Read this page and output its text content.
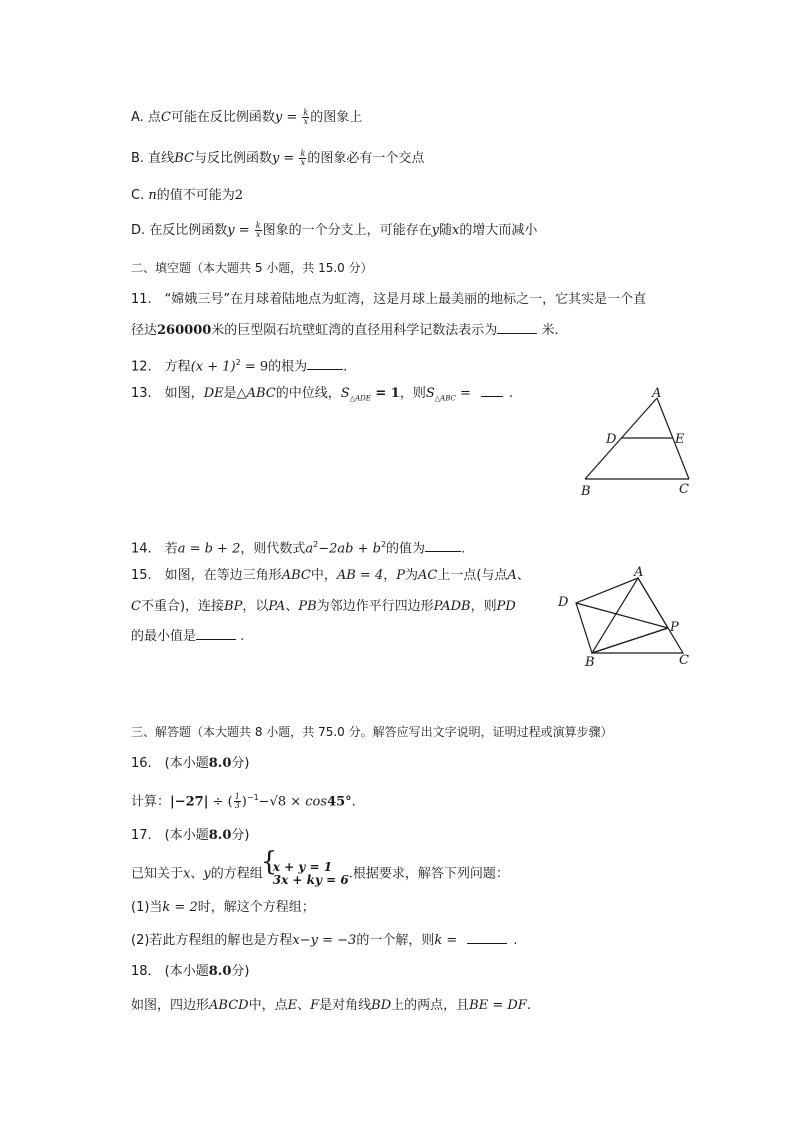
A. 点C可能在反比例函数$y = \frac{k}{x}$ 的图象上
B. 直线BC与反比例函数$y = \frac{k}{x}$ 的图象必有一个交点
C. n的值不可能为2
D. 在反比例函数$y = \frac{k}{x}$ 图象的一个分支上，可能存在y随x的增大而减小
二、填空题（本大题共 5 小题，共 15.0 分）
11.　“嫦娥三号”在月球着陆地点为虹湾，这是月球上最美丽的地标之一，它其实是一个直
径达260000米的巨型陨石坑壁虹湾的直径用科学记数法表示为	米.
12.　方程$(x + 1)^2 = 9$的根为	.
13.　如图，DE是△ABC的中位线，$S_{\triangle ADE} = 1$，则$S_{\triangle ABC}$ =	.	A
D	E
B	C
14.　若a = b + 2，则代数式$a^2-2ab + b^2$的值为	.
15.　如图，在等边三角形ABC中，AB = 4，P为AC上一点(与点A、
C不重合)，连接BP，以PA、PB为邻边作平行四边形PADB，则PD
的最小值是	.
A
D
P
B	C
三、解答题（本大题共 8 小题，共 75.0 分。解答应写出文字说明，证明过程或演算步骤）
16.　(本小题8.0分)
计算：|−27| ÷ ( $\frac{1}{3} )^{-1}-√8 \times \cos 45^\circ$.
17.　(本小题8.0分)
已知关于x、y的方程组
{ x + y = 1
3x + ky = 6 .根据要求，解答下列问题：
(1)当k = 2时，解这个方程组；
(2)若此方程组的解也是方程x−y = −3的一个解，则k =	.
18.　(本小题8.0分)
如图，四边形ABCD中，点E、F是对角线BD上的两点，且BE = DF.
